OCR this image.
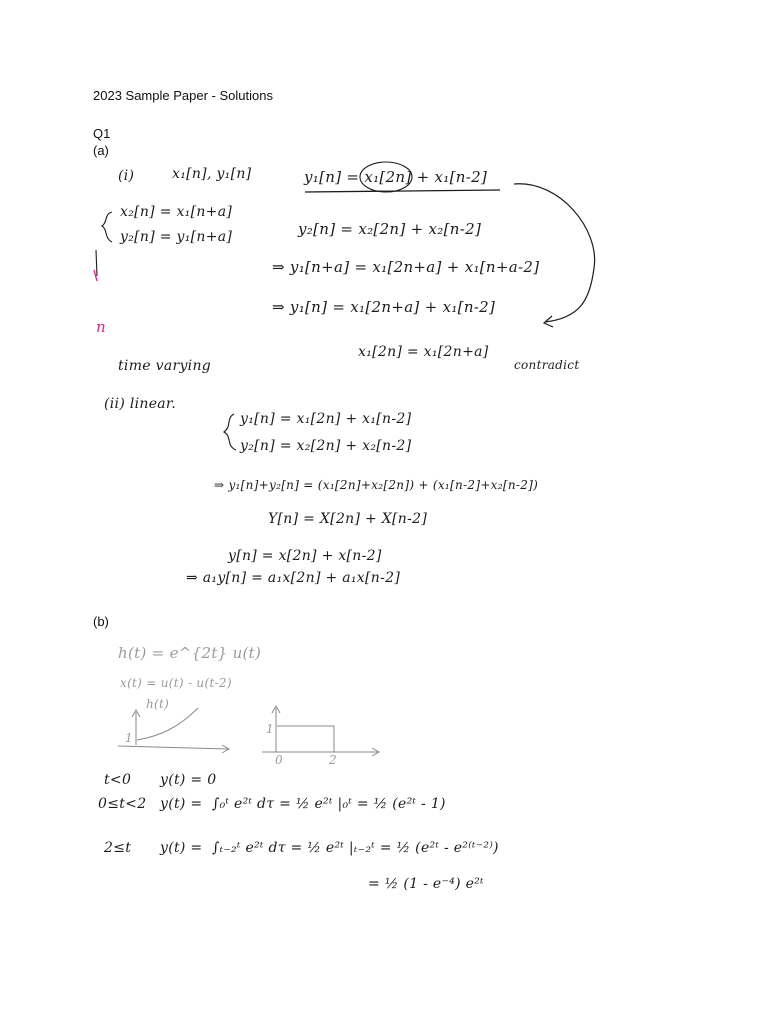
2023 Sample Paper - Solutions
Q1
(a)
(b)
(i)	x₁[n], y₁[n]	y₁[n] = x₁[2n] + x₁[n-2]
x₂[n] = x₁[n+a]
y₂[n] = y₁[n+a]	y₂[n] = x₂[2n] + x₂[n-2]
⇒ y₁[n+a] = x₁[2n+a] + x₁[n+a-2]
⇒ y₁[n] = x₁[2n+a] + x₁[n-2]
x₁[2n] = x₁[2n+a]
contradict
n
time varying
(ii) linear.
y₁[n] = x₁[2n] + x₁[n-2]
y₂[n] = x₂[2n] + x₂[n-2]
⇒ y₁[n]+y₂[n] = (x₁[2n]+x₂[2n]) + (x₁[n-2]+x₂[n-2])
Y[n] = X[2n] + X[n-2]
y[n] = x[2n] + x[n-2]
⇒ a₁y[n] = a₁x[2n] + a₁x[n-2]
h(t) = e^{2t} u(t)
x(t) = u(t) - u(t-2)
h(t)
1
1
0	2
t<0 y(t) = 0
0≤t<2 y(t) = ∫₀ᵗ e²ᵗ dτ = ½ e²ᵗ |₀ᵗ = ½ (e²ᵗ - 1)
2≤t y(t) = ∫ₜ₋₂ᵗ e²ᵗ dτ = ½ e²ᵗ |ₜ₋₂ᵗ = ½ (e²ᵗ - e²⁽ᵗ⁻²⁾)
= ½ (1 - e⁻⁴) e²ᵗ
